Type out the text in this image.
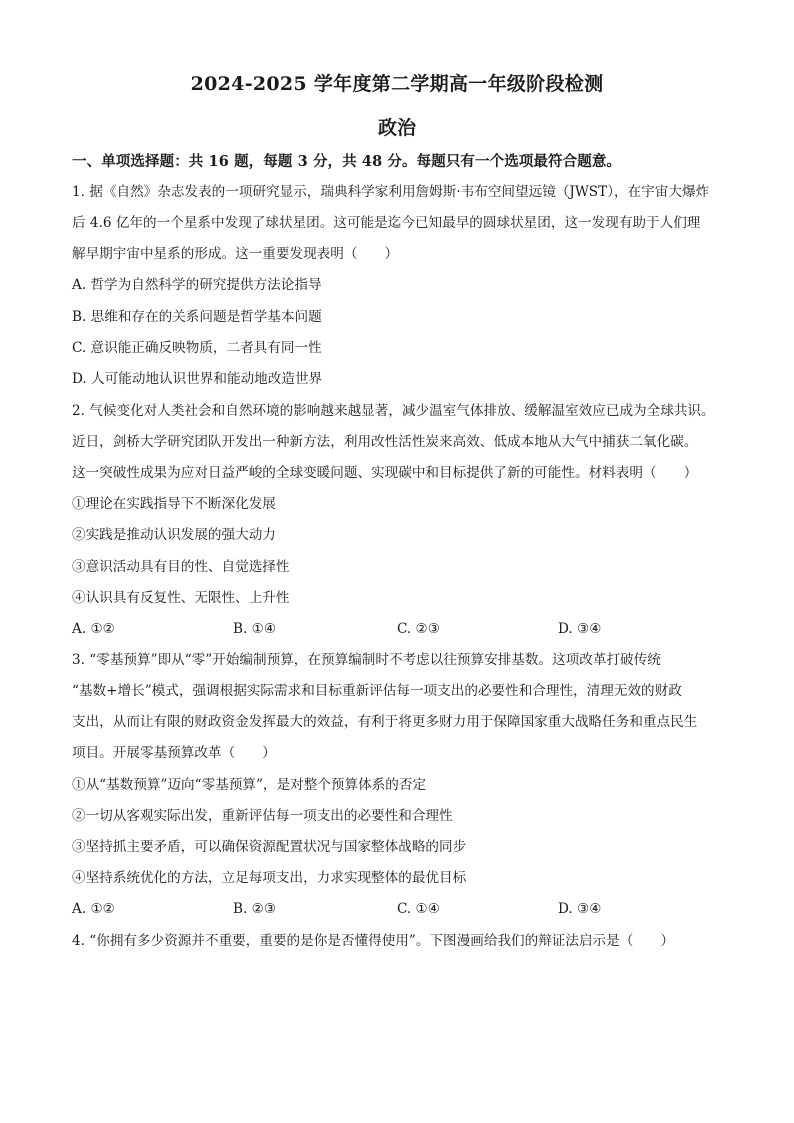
2024-2025 学年度第二学期高一年级阶段检测
政治
一、单项选择题：共 16 题，每题 3 分，共 48 分。每题只有一个选项最符合题意。
1. 据《自然》杂志发表的一项研究显示，瑞典科学家利用詹姆斯·韦布空间望远镜（JWST），在宇宙大爆炸
后 4.6 亿年的一个星系中发现了球状星团。这可能是迄今已知最早的圆球状星团，这一发现有助于人们理
解早期宇宙中星系的形成。这一重要发现表明（　　）
A. 哲学为自然科学的研究提供方法论指导
B. 思维和存在的关系问题是哲学基本问题
C. 意识能正确反映物质，二者具有同一性
D. 人可能动地认识世界和能动地改造世界
2. 气候变化对人类社会和自然环境的影响越来越显著，减少温室气体排放、缓解温室效应已成为全球共识。
近日，剑桥大学研究团队开发出一种新方法，利用改性活性炭来高效、低成本地从大气中捕获二氧化碳。
这一突破性成果为应对日益严峻的全球变暖问题、实现碳中和目标提供了新的可能性。材料表明（　　）
①理论在实践指导下不断深化发展
②实践是推动认识发展的强大动力
③意识活动具有目的性、自觉选择性
④认识具有反复性、无限性、上升性
A. ①②	B. ①④	C. ②③	D. ③④
3. “零基预算”即从“零”开始编制预算，在预算编制时不考虑以往预算安排基数。这项改革打破传统
“基数+增长”模式，强调根据实际需求和目标重新评估每一项支出的必要性和合理性，清理无效的财政
支出，从而让有限的财政资金发挥最大的效益，有利于将更多财力用于保障国家重大战略任务和重点民生
项目。开展零基预算改革（　　）
①从“基数预算”迈向“零基预算”，是对整个预算体系的否定
②一切从客观实际出发，重新评估每一项支出的必要性和合理性
③坚持抓主要矛盾，可以确保资源配置状况与国家整体战略的同步
④坚持系统优化的方法，立足每项支出，力求实现整体的最优目标
A. ①②	B. ②③	C. ①④	D. ③④
4. “你拥有多少资源并不重要，重要的是你是否懂得使用”。下图漫画给我们的辩证法启示是（　　）
